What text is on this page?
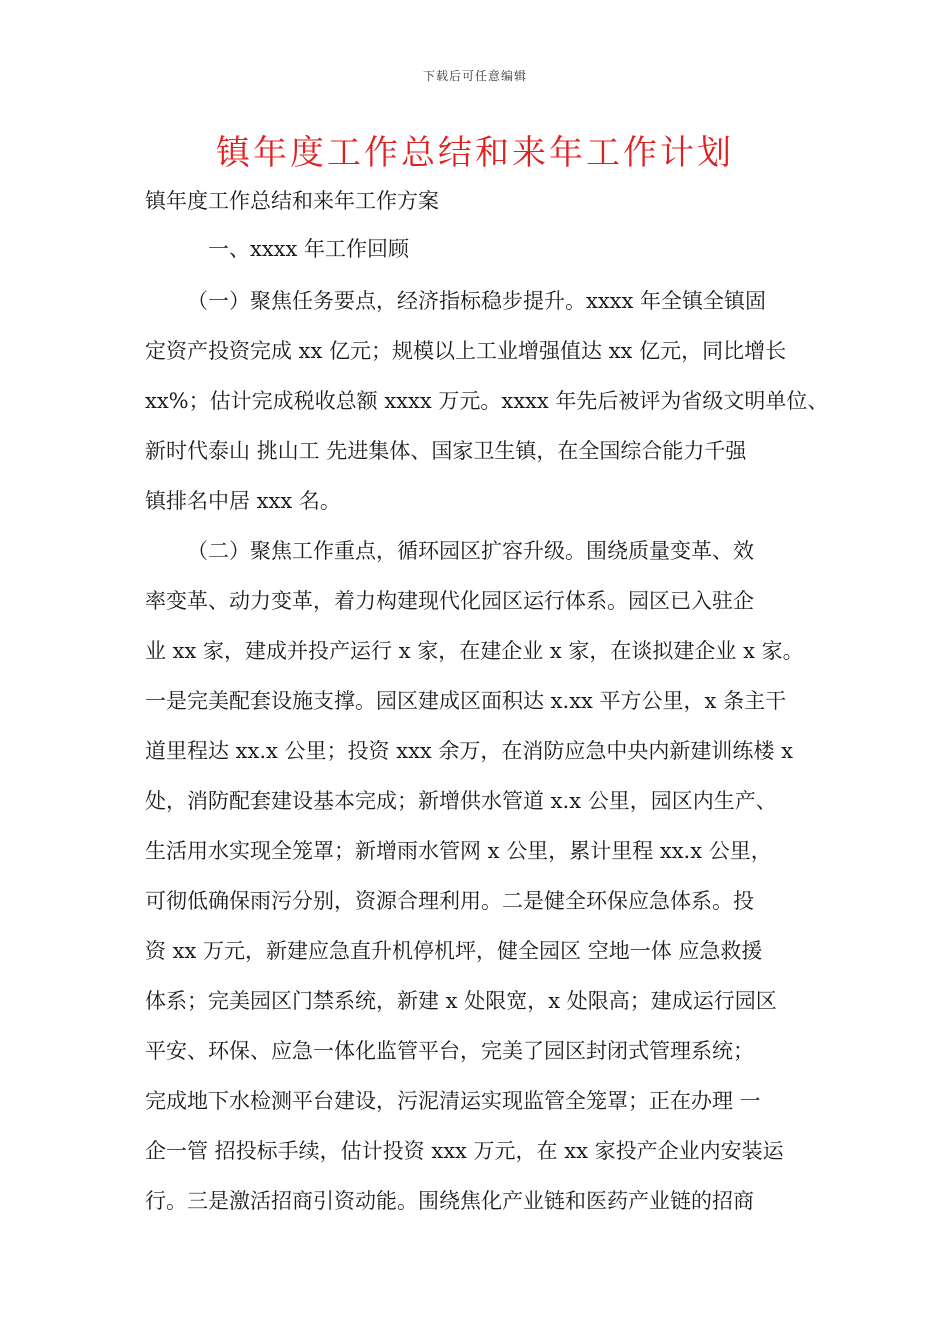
下载后可任意编辑
镇年度工作总结和来年工作计划
镇年度工作总结和来年工作方案
一、xxxx 年工作回顾
（一）聚焦任务要点，经济指标稳步提升。xxxx 年全镇全镇固
定资产投资完成 xx 亿元；规模以上工业增强值达 xx 亿元，同比增长
xx%；估计完成税收总额 xxxx 万元。xxxx 年先后被评为省级文明单位、
新时代泰山 挑山工 先进集体、国家卫生镇，在全国综合能力千强
镇排名中居 xxx 名。
（二）聚焦工作重点，循环园区扩容升级。围绕质量变革、效
率变革、动力变革，着力构建现代化园区运行体系。园区已入驻企
业 xx 家，建成并投产运行 x 家，在建企业 x 家，在谈拟建企业 x 家。
一是完美配套设施支撑。园区建成区面积达 x.xx 平方公里，x 条主干
道里程达 xx.x 公里；投资 xxx 余万，在消防应急中央内新建训练楼 x
处，消防配套建设基本完成；新增供水管道 x.x 公里，园区内生产、
生活用水实现全笼罩；新增雨水管网 x 公里，累计里程 xx.x 公里，
可彻低确保雨污分别，资源合理利用。二是健全环保应急体系。投
资 xx 万元，新建应急直升机停机坪，健全园区 空地一体 应急救援
体系；完美园区门禁系统，新建 x 处限宽，x 处限高；建成运行园区
平安、环保、应急一体化监管平台，完美了园区封闭式管理系统；
完成地下水检测平台建设，污泥清运实现监管全笼罩；正在办理 一
企一管 招投标手续，估计投资 xxx 万元，在 xx 家投产企业内安装运
行。三是激活招商引资动能。围绕焦化产业链和医药产业链的招商
